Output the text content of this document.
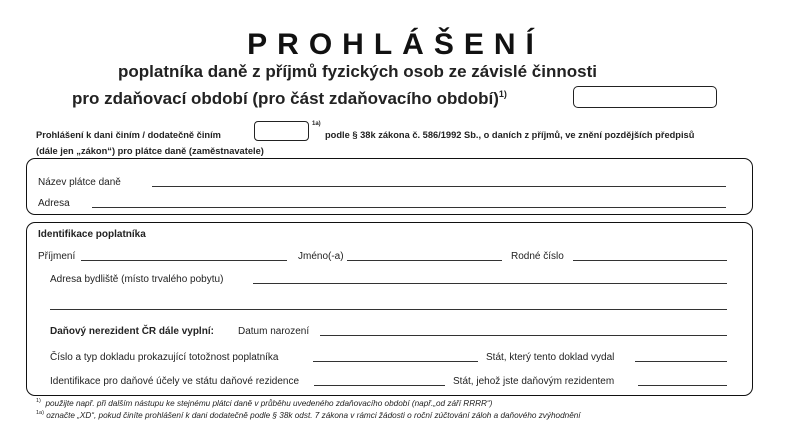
PROHLÁŠENÍ
poplatníka daně z příjmů fyzických osob ze závislé činnosti
pro zdaňovací období (pro část zdaňovacího období)$^{1)}$
Prohlášení k dani činím / dodatečně činím
1a)
podle § 38k zákona č. 586/1992 Sb., o daních z příjmů, ve znění pozdějších předpisů
(dále jen „zákon“) pro plátce daně (zaměstnavatele)
Název plátce daně
Adresa
Identifikace poplatníka
Příjmení	Jméno(-a)	Rodné číslo
Adresa bydliště (místo trvalého pobytu)
Daňový nerezident ČR dále vyplní: Datum narození
Číslo a typ dokladu prokazující totožnost poplatníka	Stát, který tento doklad vydal
Identifikace pro daňové účely ve státu daňové rezidence	Stát, jehož jste daňovým rezidentem
$^{1)}$ použijte např. při dalším nástupu ke stejnému plátci daně v průběhu uvedeného zdaňovacího období (např.„od září RRRR“)
$^{1a)}$ označte „XD“, pokud činíte prohlášení k dani dodatečně podle § 38k odst. 7 zákona v rámci žádosti o roční zúčtování záloh a daňového zvýhodnění
